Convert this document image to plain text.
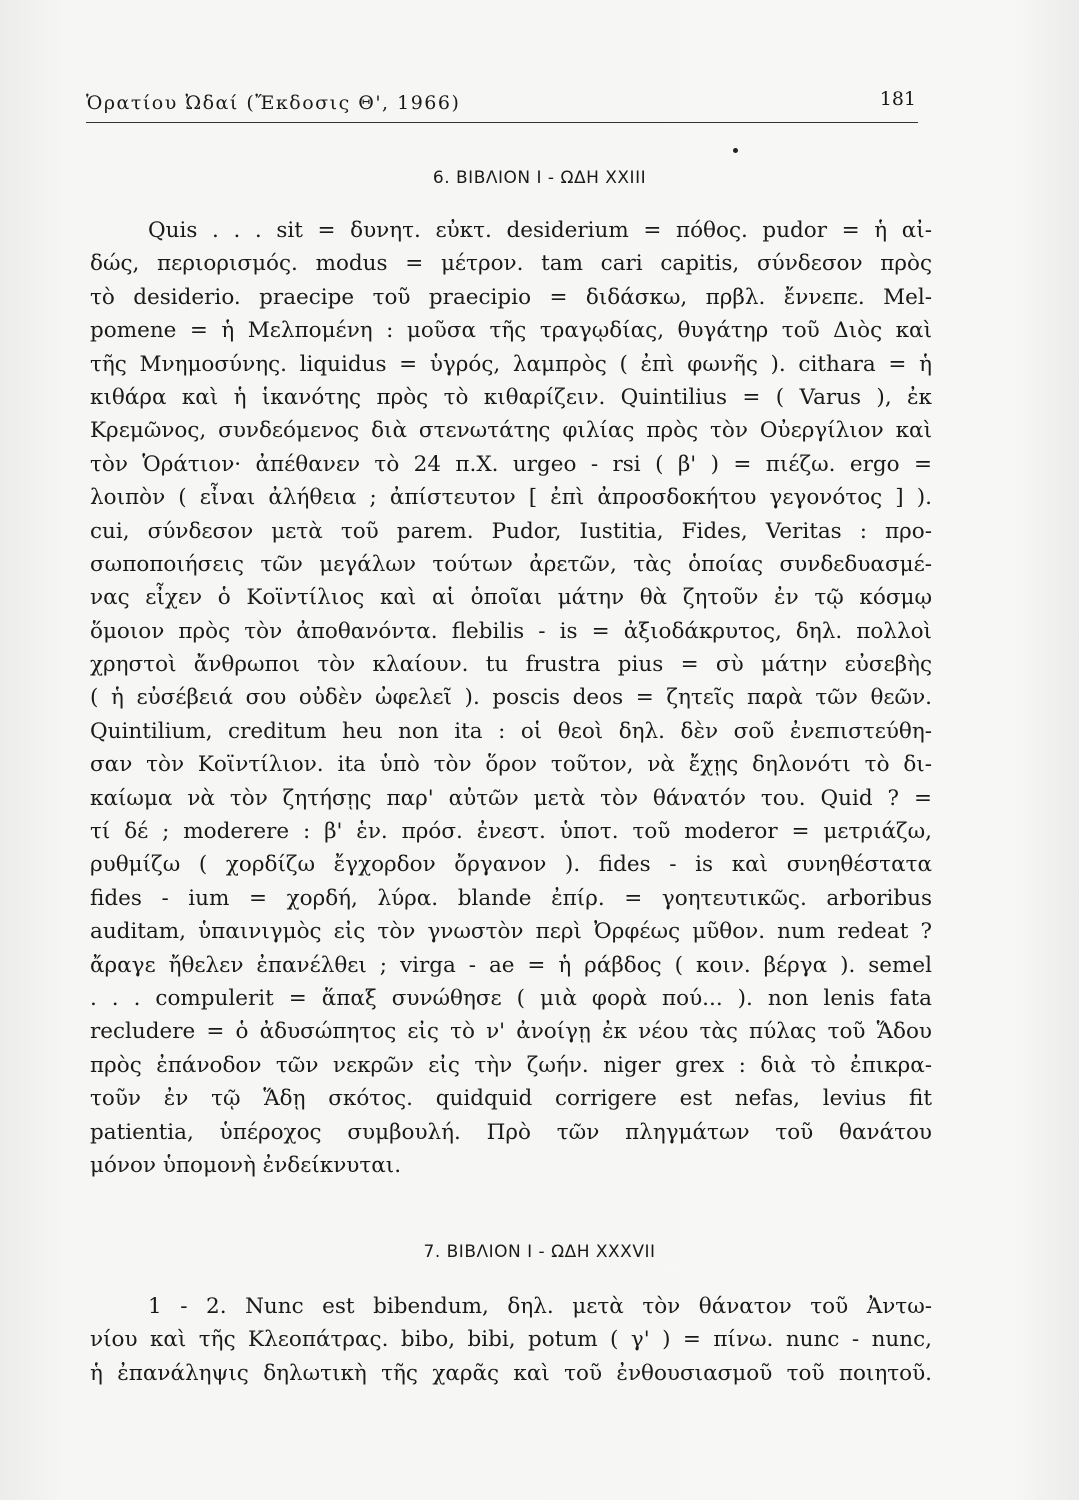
Ὁρατίου Ὠδαί (Ἔκδοσις Θ', 1966)	181
6. ΒΙΒΛΙΟΝ Ι - ΩΔΗ XXIII
Quis . . . sit = δυνητ. εὐκτ. desiderium = πόθος. pudor = ἡ αἰ-
δώς, περιορισμός. modus = μέτρον. tam cari capitis, σύνδεσον πρὸς
τὸ desiderio. praecipe τοῦ praecipio = διδάσκω, πρβλ. ἔννεπε. Mel-
pomene = ἡ Μελπομένη : μοῦσα τῆς τραγῳδίας, θυγάτηρ τοῦ Διὸς καὶ
τῆς Μνημοσύνης. liquidus = ὑγρός, λαμπρὸς ( ἐπὶ φωνῆς ). cithara = ἡ
κιθάρα καὶ ἡ ἱκανότης πρὸς τὸ κιθαρίζειν. Quintilius = ( Varus ), ἐκ
Κρεμῶνος, συνδεόμενος διὰ στενωτάτης φιλίας πρὸς τὸν Οὐεργίλιον καὶ
τὸν Ὁράτιον· ἀπέθανεν τὸ 24 π.Χ. urgeo - rsi ( β' ) = πιέζω. ergo =
λοιπὸν ( εἶναι ἀλήθεια ; ἀπίστευτον [ ἐπὶ ἀπροσδοκήτου γεγονότος ] ).
cui, σύνδεσον μετὰ τοῦ parem. Pudor, Iustitia, Fides, Veritas : προ-
σωποποιήσεις τῶν μεγάλων τούτων ἀρετῶν, τὰς ὁποίας συνδεδυασμέ-
νας εἶχεν ὁ Κοϊντίλιος καὶ αἱ ὁποῖαι μάτην θὰ ζητοῦν ἐν τῷ κόσμῳ
ὅμοιον πρὸς τὸν ἀποθανόντα. flebilis - is = ἀξιοδάκρυτος, δηλ. πολλοὶ
χρηστοὶ ἄνθρωποι τὸν κλαίουν. tu frustra pius = σὺ μάτην εὐσεβὴς
( ἡ εὐσέβειά σου οὐδὲν ὠφελεῖ ). poscis deos = ζητεῖς παρὰ τῶν θεῶν.
Quintilium, creditum heu non ita : οἱ θεοὶ δηλ. δὲν σοῦ ἐνεπιστεύθη-
σαν τὸν Κοϊντίλιον. ita ὑπὸ τὸν ὅρον τοῦτον, νὰ ἔχῃς δηλονότι τὸ δι-
καίωμα νὰ τὸν ζητήσῃς παρ' αὐτῶν μετὰ τὸν θάνατόν του. Quid ? =
τί δέ ; moderere : β' ἑν. πρόσ. ἐνεστ. ὑποτ. τοῦ moderor = μετριάζω,
ρυθμίζω ( χορδίζω ἔγχορδον ὄργανον ). fides - is καὶ συνηθέστατα
fides - ium = χορδή, λύρα. blande ἐπίρ. = γοητευτικῶς. arboribus
auditam, ὑπαινιγμὸς εἰς τὸν γνωστὸν περὶ Ὀρφέως μῦθον. num redeat ?
ἄραγε ἤθελεν ἐπανέλθει ; virga - ae = ἡ ράβδος ( κοιν. βέργα ). semel
. . . compulerit = ἅπαξ συνώθησε ( μιὰ φορὰ πού... ). non lenis fata
recludere = ὁ ἀδυσώπητος εἰς τὸ ν' ἀνοίγῃ ἐκ νέου τὰς πύλας τοῦ Ἅδου
πρὸς ἐπάνοδον τῶν νεκρῶν εἰς τὴν ζωήν. niger grex : διὰ τὸ ἐπικρα-
τοῦν ἐν τῷ Ἅδῃ σκότος. quidquid corrigere est nefas, levius fit
patientia, ὑπέροχος συμβουλή. Πρὸ τῶν πληγμάτων τοῦ θανάτου
μόνον ὑπομονὴ ἐνδείκνυται.
7. ΒΙΒΛΙΟΝ Ι - ΩΔΗ XXXVII
1 - 2. Nunc est bibendum, δηλ. μετὰ τὸν θάνατον τοῦ Ἀντω-
νίου καὶ τῆς Κλεοπάτρας. bibo, bibi, potum ( γ' ) = πίνω. nunc - nunc,
ἡ ἐπανάληψις δηλωτικὴ τῆς χαρᾶς καὶ τοῦ ἐνθουσιασμοῦ τοῦ ποιητοῦ.
